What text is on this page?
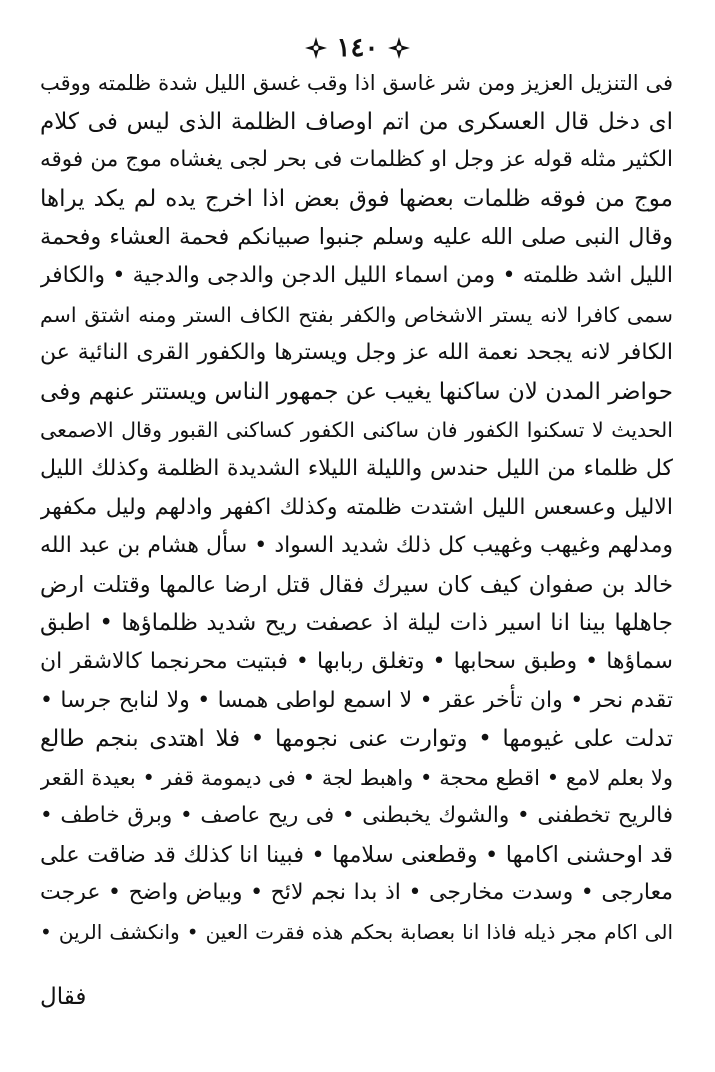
١٤٠
فى التنزيل العزيز ومن شر غاسق اذا وقب غسق الليل شدة ظلمته ووقب
اى دخل قال العسكرى من اتم اوصاف الظلمة الذى ليس فى كلام
الكثير مثله قوله عز وجل او كظلمات فى بحر لجى يغشاه موج من فوقه
موج من فوقه ظلمات بعضها فوق بعض اذا اخرج يده لم يكد يراها
وقال النبى صلى الله عليه وسلم جنبوا صبيانكم فحمة العشاء وفحمة
الليل اشد ظلمته • ومن اسماء الليل الدجن والدجى والدجية • والكافر
سمى كافرا لانه يستر الاشخاص والكفر بفتح الكاف الستر ومنه اشتق اسم
الكافر لانه يجحد نعمة الله عز وجل ويسترها والكفور القرى النائية عن
حواضر المدن لان ساكنها يغيب عن جمهور الناس ويستتر عنهم وفى
الحديث لا تسكنوا الكفور فان ساكنى الكفور كساكنى القبور وقال الاصمعى
كل ظلماء من الليل حندس والليلة الليلاء الشديدة الظلمة وكذلك الليل
الاليل وعسعس الليل اشتدت ظلمته وكذلك اكفهر وادلهم وليل مكفهر
ومدلهم وغيهب وغهيب كل ذلك شديد السواد • سأل هشام بن عبد الله
خالد بن صفوان كيف كان سيرك فقال قتل ارضا عالمها وقتلت ارض
جاهلها بينا انا اسير ذات ليلة اذ عصفت ريح شديد ظلماؤها • اطبق
سماؤها • وطبق سحابها • وتغلق ربابها • فبتيت محرنجما كالاشقر ان
تقدم نحر • وان تأخر عقر • لا اسمع لواطى همسا • ولا لنابح جرسا •
تدلت على غيومها • وتوارت عنى نجومها • فلا اهتدى بنجم طالع
ولا بعلم لامع • اقطع محجة • واهبط لجة • فى ديمومة قفر • بعيدة القعر
فالريح تخطفنى • والشوك يخبطنى • فى ريح عاصف • وبرق خاطف •
قد اوحشنى اكامها • وقطعنى سلامها • فبينا انا كذلك قد ضاقت على
معارجى • وسدت مخارجى • اذ بدا نجم لائح • وبياض واضح • عرجت
الى اكام مجر ذيله فاذا انا بعصابة بحكم هذه فقرت العين • وانكشف الرين •
فقال
